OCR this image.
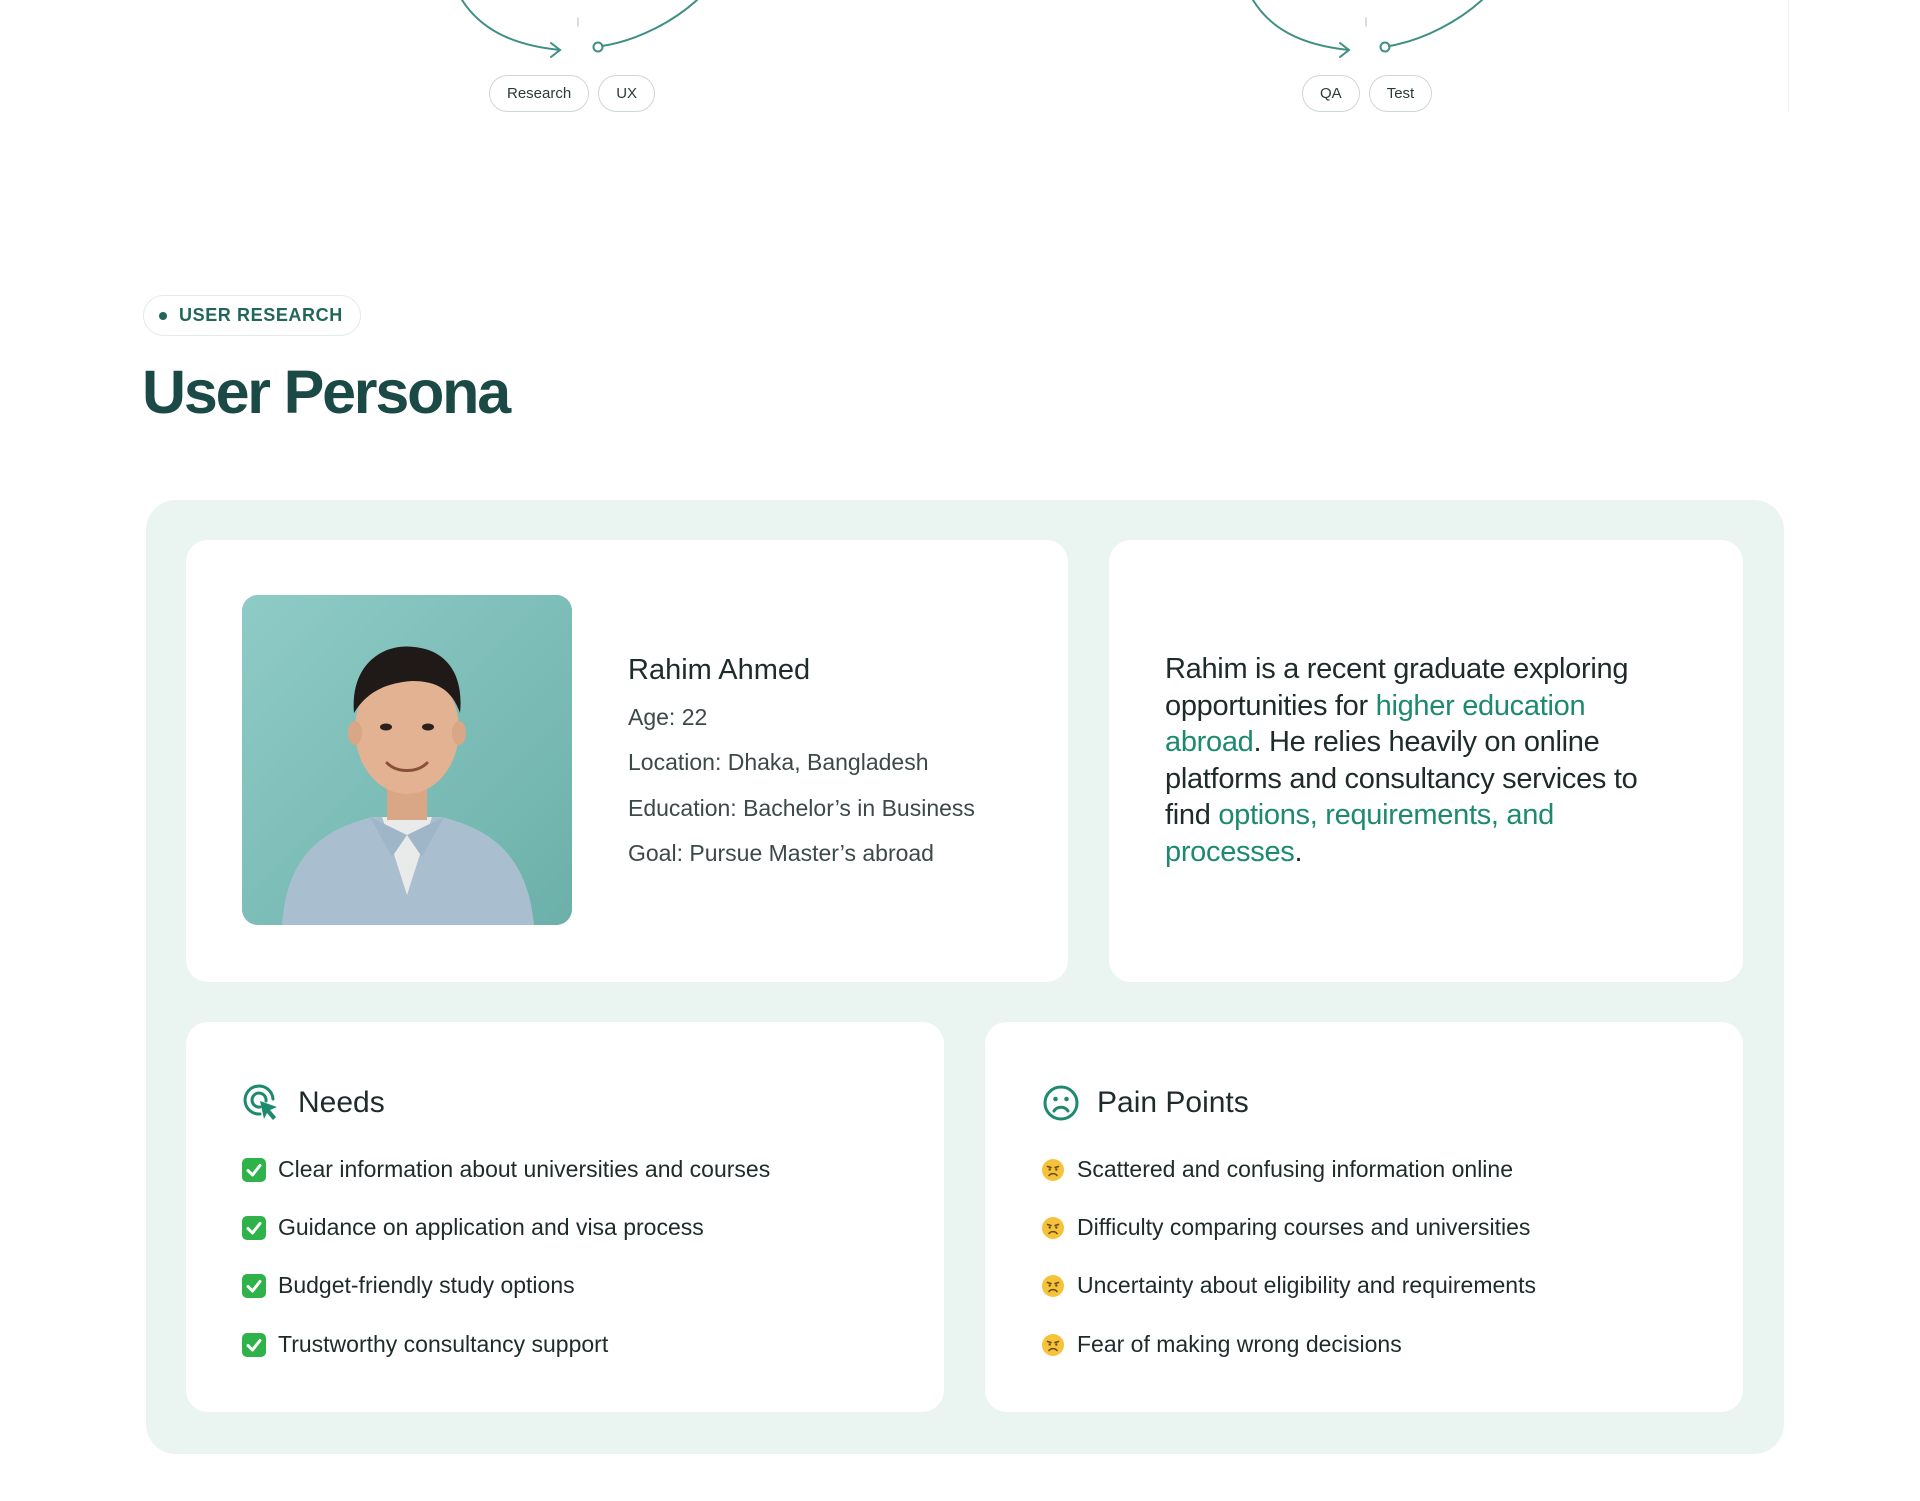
Research	UX	QA	Test
USER RESEARCH
User Persona
Rahim Ahmed
Age: 22
Location: Dhaka, Bangladesh
Education: Bachelor’s in Business
Goal: Pursue Master’s abroad

Rahim is a recent graduate exploring opportunities for higher education abroad. He relies heavily on online platforms and consultancy services to find options, requirements, and processes.

Needs
Clear information about universities and courses
Guidance on application and visa process
Budget-friendly study options
Trustworthy consultancy support
Pain Points
Scattered and confusing information online
Difficulty comparing courses and universities
Uncertainty about eligibility and requirements
Fear of making wrong decisions
